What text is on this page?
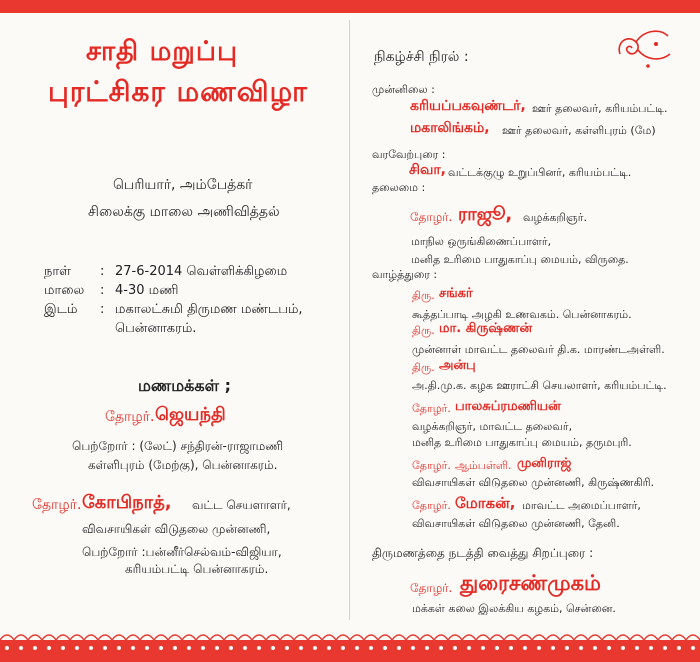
சாதி மறுப்பு
புரட்சிகர மணவிழா
பெரியார், அம்பேத்கர்
சிலைக்கு மாலை அணிவித்தல்
நாள் : 27-6-2014 வெள்ளிக்கிழமை
மாலை : 4-30 மணி
இடம் : மகாலட்சுமி திருமண மண்டபம்,
பென்னாகரம்.
மணமக்கள் ;
தோழர். ஜெயந்தி
பெற்றோர் : (லேட்) சந்திரன்-ராஜாமணி
கள்ளிபுரம் (மேற்கு), பென்னாகரம்.
தோழர். கோபிநாத், வட்ட செயளாளர்,
விவசாயிகள் விடுதலை முன்னணி,
பெற்றோர் :பன்னீர்செல்வம்-விஜியா,
கரியம்பட்டி பென்னாகரம்.
நிகழ்ச்சி நிரல் :
முன்னிலை :
கரியப்பகவுண்டர், ஊர் தலைவர், கரியம்பட்டி.
மகாலிங்கம், ஊர் தலைவர், கள்ளிபுரம் (மே)
வரவேற்புரை :
சிவா, வட்டக்குழு உறுப்பினர், கரியம்பட்டி.
தலைமை :
தோழர். ராஜூ, வழக்கறிஞர்.
மாநில ஒருங்கிணைப்பாளர்,
மனித உரிமை பாதுகாப்பு மையம், விருதை.
வாழ்த்துரை :
திரு. சங்கர்
கூத்தப்பாடி அழகி உணவகம். பென்னாகரம்.
திரு. மா. கிருஷ்ணன்
முன்னாள் மாவட்ட தலைவர் தி.க. மாரண்டஅள்ளி.
திரு. அன்பு
அ.தி.மு.க. கழக ஊராட்சி செயலாளர், கரியம்பட்டி.
தோழர். பாலசுப்ரமணியன்
வழக்கறிஞர், மாவட்ட தலைவர்,
மனித உரிமை பாதுகாப்பு மையம், தருமபுரி.
தோழர். ஆம்பள்ளி. முனிராஜ்
விவசாயிகள் விடுதலை முன்னணி, கிருஷ்ணகிரி.
தோழர். மோகன், மாவட்ட அமைப்பாளர்,
விவசாயிகள் விடுதலை முன்னணி, தேனி.
திருமணத்தை நடத்தி வைத்து சிறப்புரை :
தோழர். துரைசண்முகம்
மக்கள் கலை இலக்கிய கழகம், சென்னை.
